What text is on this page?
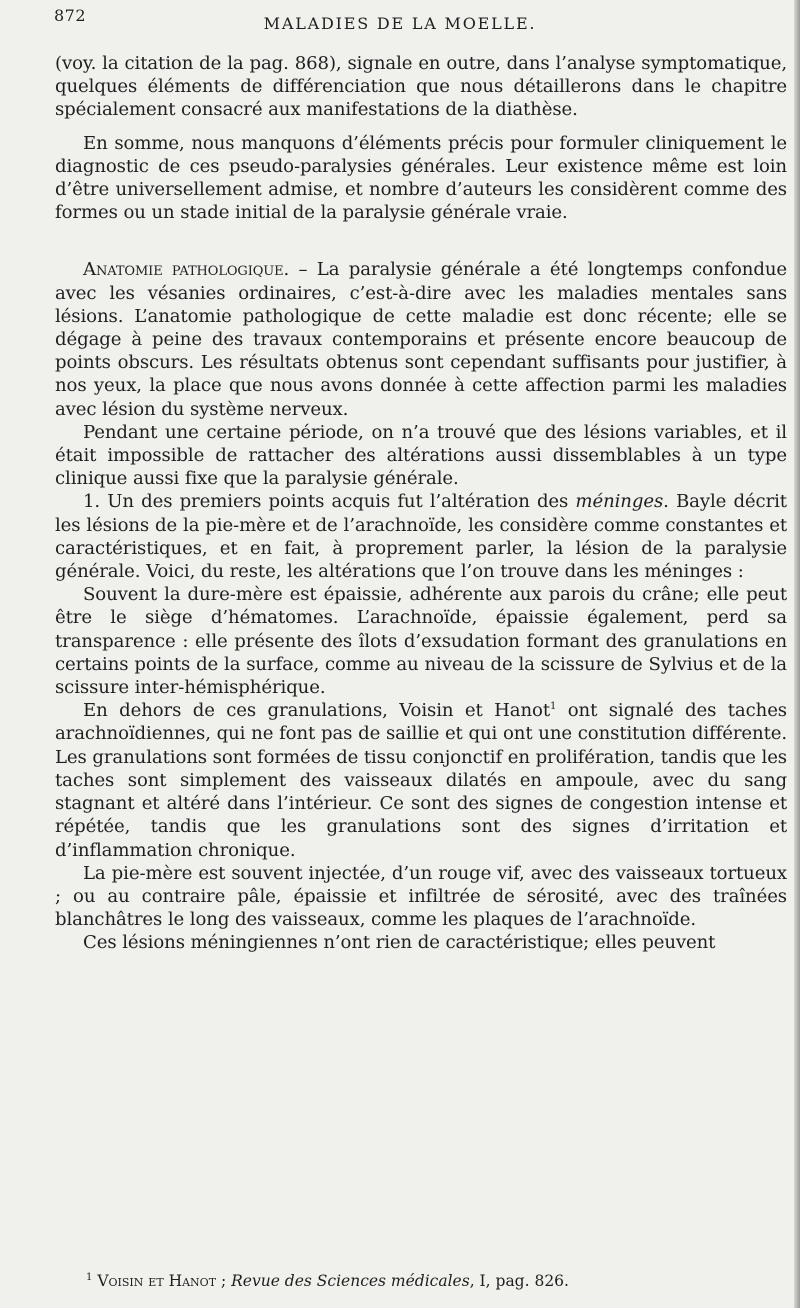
872	MALADIES DE LA MOELLE.

(voy. la citation de la pag. 868), signale en outre, dans l’analyse symptomatique, quelques éléments de différenciation que nous détaillerons dans le chapitre spécialement consacré aux manifestations de la diathèse.

En somme, nous manquons d’éléments précis pour formuler cliniquement le diagnostic de ces pseudo-paralysies générales. Leur existence même est loin d’être universellement admise, et nombre d’auteurs les considèrent comme des formes ou un stade initial de la paralysie générale vraie.

Anatomie pathologique. – La paralysie générale a été longtemps confondue avec les vésanies ordinaires, c’est-à-dire avec les maladies mentales sans lésions. L’anatomie pathologique de cette maladie est donc récente; elle se dégage à peine des travaux contemporains et présente encore beaucoup de points obscurs. Les résultats obtenus sont cependant suffisants pour justifier, à nos yeux, la place que nous avons donnée à cette affection parmi les maladies avec lésion du système nerveux.

Pendant une certaine période, on n’a trouvé que des lésions variables, et il était impossible de rattacher des altérations aussi dissemblables à un type clinique aussi fixe que la paralysie générale.

1. Un des premiers points acquis fut l’altération des méninges. Bayle décrit les lésions de la pie-mère et de l’arachnoïde, les considère comme constantes et caractéristiques, et en fait, à proprement parler, la lésion de la paralysie générale. Voici, du reste, les altérations que l’on trouve dans les méninges :

Souvent la dure-mère est épaissie, adhérente aux parois du crâne; elle peut être le siège d’hématomes. L’arachnoïde, épaissie également, perd sa transparence : elle présente des îlots d’exsudation formant des granulations en certains points de la surface, comme au niveau de la scissure de Sylvius et de la scissure inter-hémisphérique.

En dehors de ces granulations, Voisin et Hanot$^1$ ont signalé des taches arachnoïdiennes, qui ne font pas de saillie et qui ont une constitution différente. Les granulations sont formées de tissu conjonctif en prolifération, tandis que les taches sont simplement des vaisseaux dilatés en ampoule, avec du sang stagnant et altéré dans l’intérieur. Ce sont des signes de congestion intense et répétée, tandis que les granulations sont des signes d’irritation et d’inflammation chronique.

La pie-mère est souvent injectée, d’un rouge vif, avec des vaisseaux tortueux ; ou au contraire pâle, épaissie et infiltrée de sérosité, avec des traînées blanchâtres le long des vaisseaux, comme les plaques de l’arachnoïde.

Ces lésions méningiennes n’ont rien de caractéristique; elles peuvent

$^1$ Voisin et Hanot ; Revue des Sciences médicales, I, pag. 826.
